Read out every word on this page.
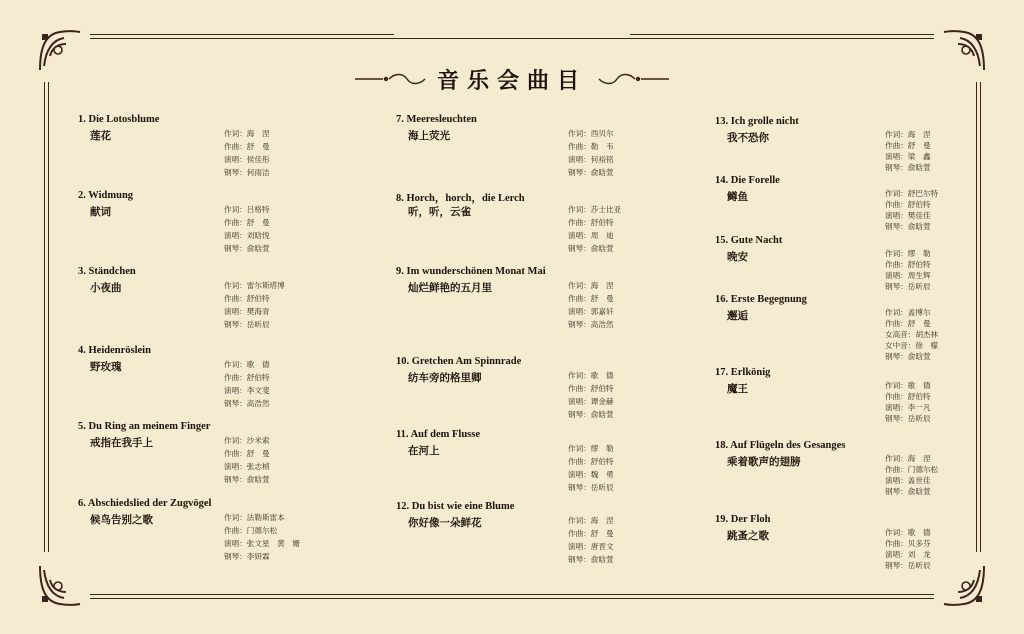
音乐会曲目
1. Die Lotosblume
莲花	作词：海　涅
作曲：舒　曼
演唱：侯佳彤
钢琴：何雨洁
2. Widmung
献词	作词：吕格特
作曲：舒　曼
演唱：刘晗悦
钢琴：俞晗萱
3. Ständchen
小夜曲	作词：雷尔斯塔博
作曲：舒伯特
演唱：樊海青
钢琴：岳昕辰
4. Heidenröslein
野玫瑰	作词：歌　德
作曲：舒伯特
演唱：李文斐
钢琴：高浩然
5. Du Ring an meinem Finger
戒指在我手上	作词：沙米索
作曲：舒　曼
演唱：张志楨
钢琴：俞晗萱
6. Abschiedslied der Zugvögel
候鸟告别之歌	作词：法勒斯雷本
作曲：门德尔松
演唱：张文星　黄　姗
钢琴：李妍霖
7. Meeresleuchten
海上荧光	作词：西贝尔
作曲：勒　韦
演唱：何裕铭
钢琴：俞晗萱
8. Horch，horch，die Lerch
听，听，云雀	作词：莎士比亚
作曲：舒伯特
演唱：周　迪
钢琴：俞晗萱
9. Im wunderschönen Monat Mai
灿烂鲜艳的五月里	作词：海　涅
作曲：舒　曼
演唱：郭嘉轩
钢琴：高浩然
10. Gretchen Am Spinnrade
纺车旁的格里卿	作词：歌　德
作曲：舒伯特
演唱：谭金赫
钢琴：俞晗萱
11. Auf dem Flusse
在河上	作词：缪　勒
作曲：舒伯特
演唱：魏　勇
钢琴：岳昕辰
12. Du bist wie eine Blume
你好像一朵鲜花	作词：海　涅
作曲：舒　曼
演唱：唐晋文
钢琴：俞晗萱
13. Ich grolle nicht
我不恐你	作词：海　涅
作曲：舒　曼
演唱：梁　鑫
钢琴：俞晗萱
14. Die Forelle
鳟鱼	作词：舒巴尔特
作曲：舒伯特
演唱：樊佳佳
钢琴：俞晗萱
15. Gute Nacht
晚安	作词：缪　勒
作曲：舒伯特
演唱：周生辉
钢琴：岳昕辰
16. Erste Begegnung
邂逅	作词：盖博尔
作曲：舒　曼
女高音：胡杰林
女中音：徐　檬
钢琴：俞晗萱
17. Erlkönig
魔王	作词：歌　德
作曲：舒伯特
演唱：李一凡
钢琴：岳昕辰
18. Auf Flügeln des Gesanges
乘着歌声的翅膀	作词：海　涅
作曲：门德尔松
演唱：盖世佳
钢琴：俞晗萱
19. Der Floh
跳蚤之歌	作词：歌　德
作曲：贝多芬
演唱：刘　龙
钢琴：岳昕辰
